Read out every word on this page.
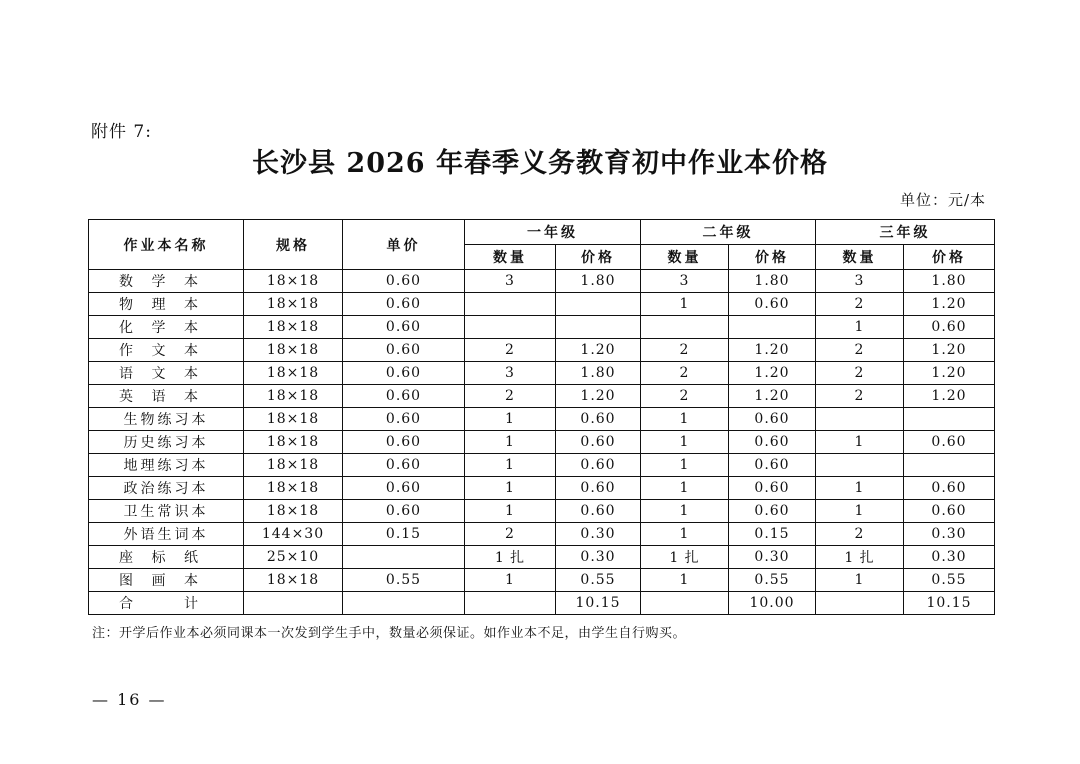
附件 7:
长沙县 2026 年春季义务教育初中作业本价格
单位：元/本
作业本名称	规格	单价	一年级		二年级		三年级	
			数量	价格	数量	价格	数量	价格
数 学 本	18×18	0.60	3	1.80	3	1.80	3	1.80
物 理 本	18×18	0.60			1	0.60	2	1.20
化 学 本	18×18	0.60					1	0.60
作 文 本	18×18	0.60	2	1.20	2	1.20	2	1.20
语 文 本	18×18	0.60	3	1.80	2	1.20	2	1.20
英 语 本	18×18	0.60	2	1.20	2	1.20	2	1.20
生物练习本	18×18	0.60	1	0.60	1	0.60		
历史练习本	18×18	0.60	1	0.60	1	0.60	1	0.60
地理练习本	18×18	0.60	1	0.60	1	0.60		
政治练习本	18×18	0.60	1	0.60	1	0.60	1	0.60
卫生常识本	18×18	0.60	1	0.60	1	0.60	1	0.60
外语生词本	144×30	0.15	2	0.30	1	0.15	2	0.30
座 标 纸	25×10		1 扎	0.30	1 扎	0.30	1 扎	0.30
图 画 本	18×18	0.55	1	0.55	1	0.55	1	0.55
合 计				10.15		10.00		10.15
注：开学后作业本必须同课本一次发到学生手中，数量必须保证。如作业本不足，由学生自行购买。
— 16 —
